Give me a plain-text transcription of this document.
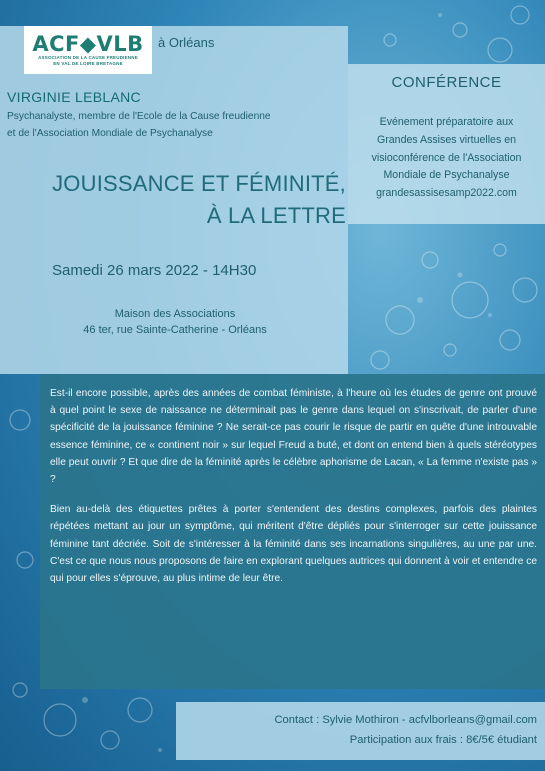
ACF◆VLB
ASSOCIATION DE LA CAUSE FREUDIENNE
EN VAL DE LOIRE BRETAGNE
à Orléans
VIRGINIE LEBLANC
Psychanalyste, membre de l'Ecole de la Cause freudienne
et de l'Association Mondiale de Psychanalyse
JOUISSANCE ET FÉMINITÉ,
À LA LETTRE
Samedi 26 mars 2022 - 14H30
Maison des Associations
46 ter, rue Sainte-Catherine - Orléans
CONFÉRENCE
Evénement préparatoire aux
Grandes Assises virtuelles en
visioconférence de l'Association
Mondiale de Psychanalyse
grandesassisesamp2022.com

Est-il encore possible, après des années de combat féministe, à l'heure où les études de genre ont prouvé à quel point le sexe de naissance ne déterminait pas le genre dans lequel on s'inscrivait, de parler d'une spécificité de la jouissance féminine ? Ne serait-ce pas courir le risque de partir en quête d'une introuvable essence féminine, ce « continent noir » sur lequel Freud a buté, et dont on entend bien à quels stéréotypes elle peut ouvrir ? Et que dire de la féminité après le célèbre aphorisme de Lacan, « La femme n'existe pas » ?

Bien au-delà des étiquettes prêtes à porter s'entendent des destins complexes, parfois des plaintes répétées mettant au jour un symptôme, qui méritent d'être dépliés pour s'interroger sur cette jouissance féminine tant décriée. Soit de s'intéresser à la féminité dans ses incarnations singulières, au une par une. C'est ce que nous nous proposons de faire en explorant quelques autrices qui donnent à voir et entendre ce qui pour elles s'éprouve, au plus intime de leur être.

Contact : Sylvie Mothiron - acfvlborleans@gmail.com
Participation aux frais : 8€/5€ étudiant
